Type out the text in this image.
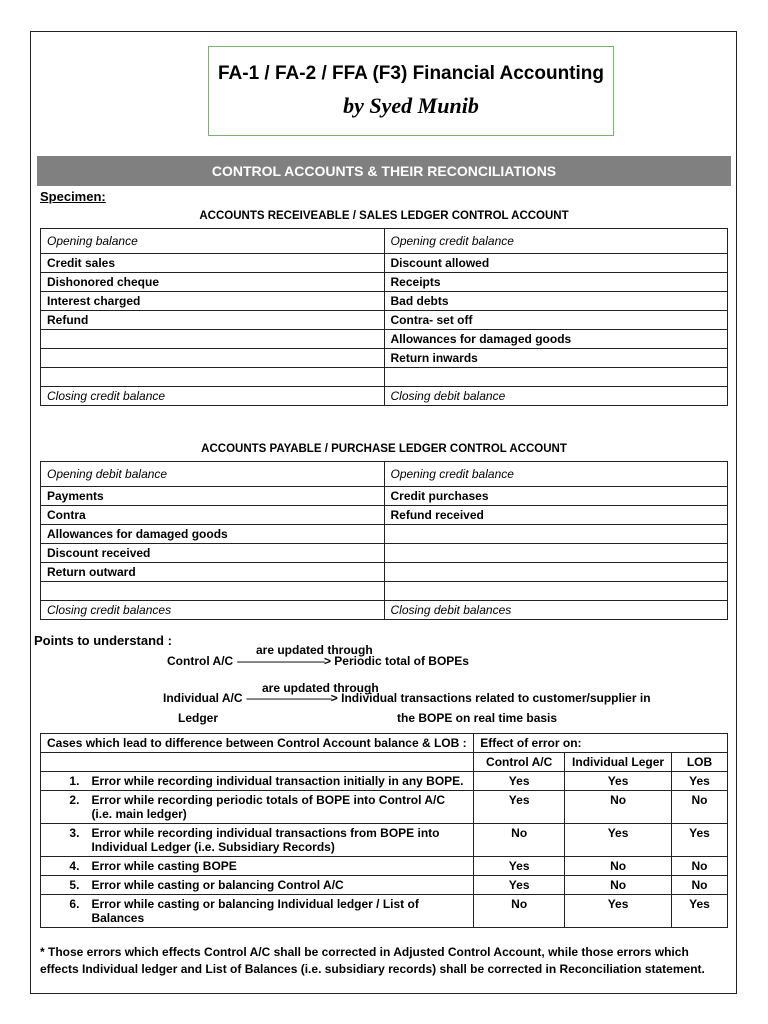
FA-1 / FA-2 / FFA (F3) Financial Accounting
by Syed Munib
CONTROL ACCOUNTS & THEIR RECONCILIATIONS
Specimen:
ACCOUNTS RECEIVEABLE / SALES LEDGER CONTROL ACCOUNT
Opening balance	Opening credit balance
Credit sales	Discount allowed
Dishonored cheque	Receipts
Interest charged	Bad debts
Refund	Contra- set off
	Allowances for damaged goods
	Return inwards

Closing credit balance	Closing debit balance
ACCOUNTS PAYABLE / PURCHASE LEDGER CONTROL ACCOUNT
Opening debit balance	Opening credit balance
Payments	Credit purchases
Contra	Refund received
Allowances for damaged goods	
Discount received	
Return outward	

Closing credit balances	Closing debit balances
Points to understand :
are updated through
Control A/C -----------------------------------> Periodic total of BOPEs
are updated through
Individual A/C ----------------------------------> Individual transactions related to customer/supplier in
Ledger	the BOPE on real time basis
Cases which lead to difference between Control Account balance & LOB :		Effect of error on:		
		Control A/C	Individual Leger	LOB
1.	Error while recording individual transaction initially in any BOPE.	Yes	Yes	Yes
2.	Error while recording periodic totals of BOPE into Control A/C (i.e. main ledger)	Yes	No	No
3.	Error while recording individual transactions from BOPE into Individual Ledger (i.e. Subsidiary Records)	No	Yes	Yes
4.	Error while casting BOPE	Yes	No	No
5.	Error while casting or balancing Control A/C	Yes	No	No
6.	Error while casting or balancing Individual ledger / List of Balances	No	Yes	Yes
* Those errors which effects Control A/C shall be corrected in Adjusted Control Account, while those errors which effects Individual ledger and List of Balances (i.e. subsidiary records) shall be corrected in Reconciliation statement.
